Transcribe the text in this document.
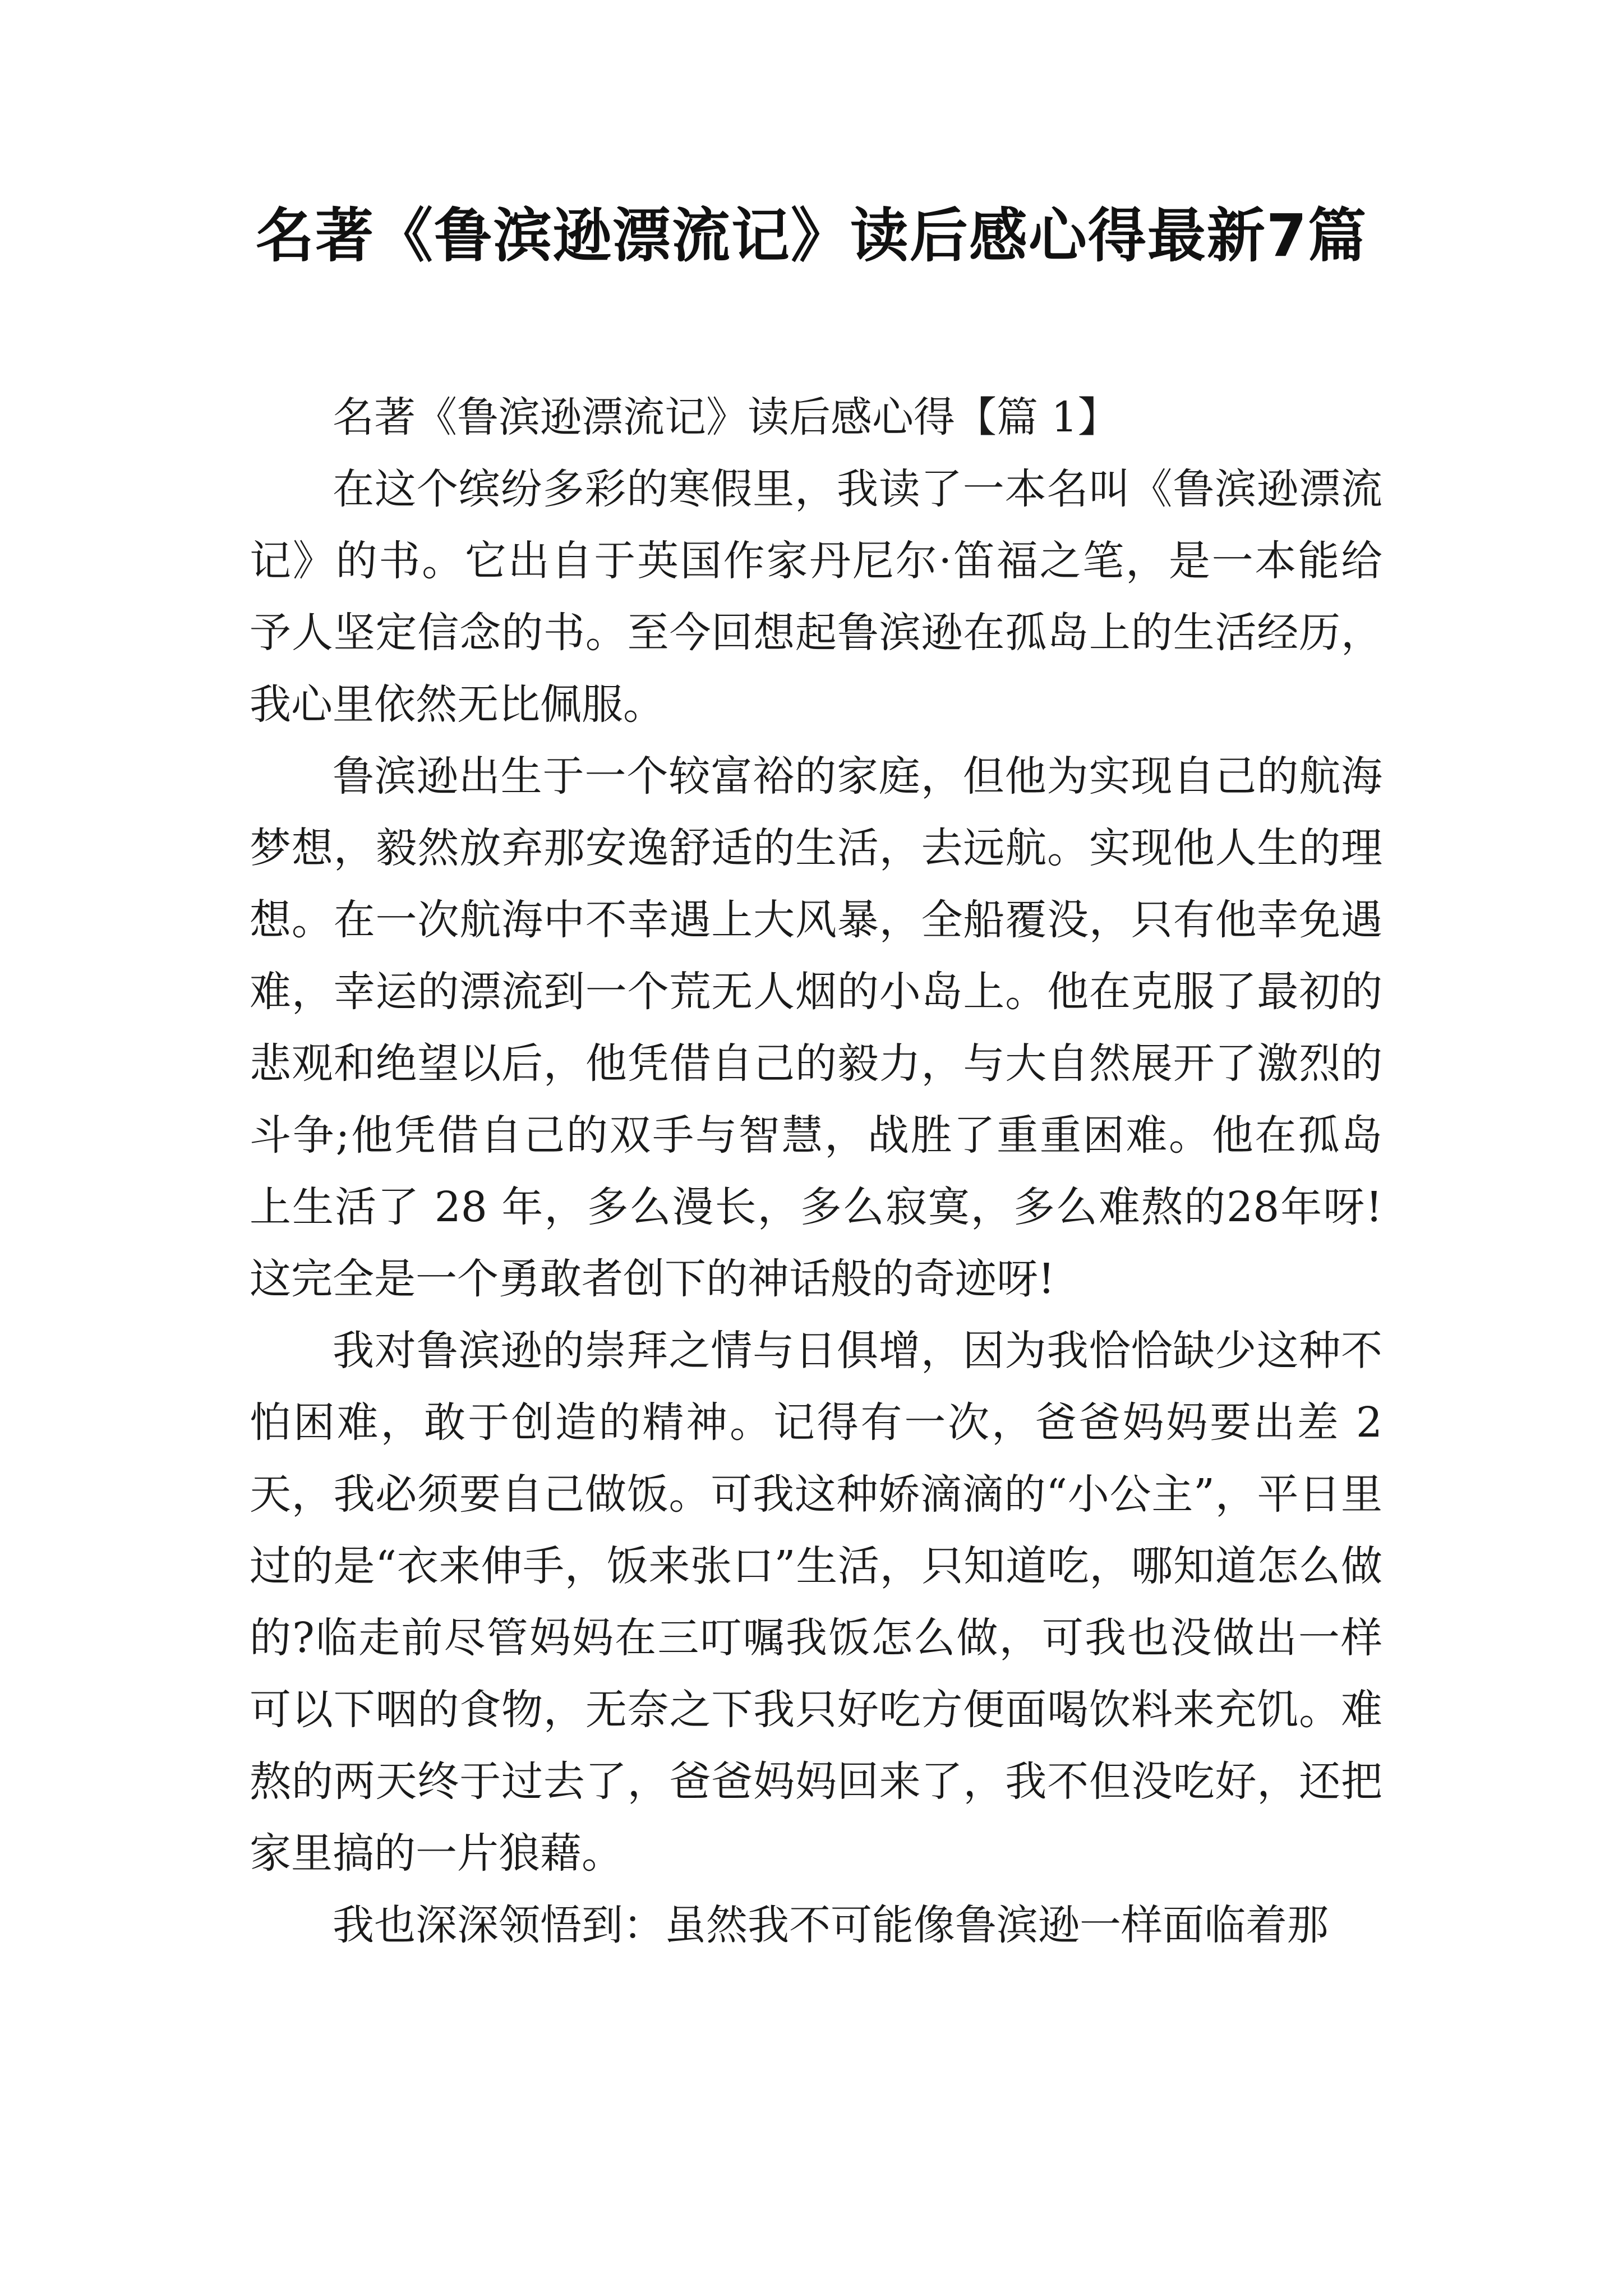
名著《鲁滨逊漂流记》读后感心得最新7篇

名著《鲁滨逊漂流记》读后感心得【篇 1】

在这个缤纷多彩的寒假里，我读了一本名叫《鲁滨逊漂流记》的书。它出自于英国作家丹尼尔·笛福之笔，是一本能给予人坚定信念的书。至今回想起鲁滨逊在孤岛上的生活经历，我心里依然无比佩服。

鲁滨逊出生于一个较富裕的家庭，但他为实现自己的航海梦想，毅然放弃那安逸舒适的生活，去远航。实现他人生的理想。在一次航海中不幸遇上大风暴，全船覆没，只有他幸免遇难，幸运的漂流到一个荒无人烟的小岛上。他在克服了最初的悲观和绝望以后，他凭借自己的毅力，与大自然展开了激烈的斗争;他凭借自己的双手与智慧，战胜了重重困难。他在孤岛上生活了 28 年，多么漫长，多么寂寞，多么难熬的28年呀!这完全是一个勇敢者创下的神话般的奇迹呀!

我对鲁滨逊的崇拜之情与日俱增，因为我恰恰缺少这种不怕困难，敢于创造的精神。记得有一次，爸爸妈妈要出差 2 天，我必须要自己做饭。可我这种娇滴滴的“小公主”，平日里过的是“衣来伸手，饭来张口”生活，只知道吃，哪知道怎么做的?临走前尽管妈妈在三叮嘱我饭怎么做，可我也没做出一样可以下咽的食物，无奈之下我只好吃方便面喝饮料来充饥。难熬的两天终于过去了，爸爸妈妈回来了，我不但没吃好，还把家里搞的一片狼藉。

我也深深领悟到：虽然我不可能像鲁滨逊一样面临着那
